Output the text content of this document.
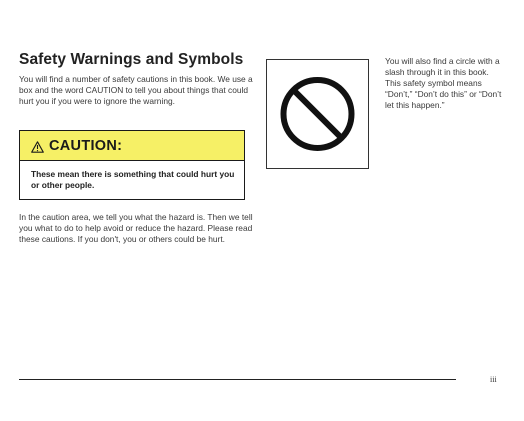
Safety Warnings and Symbols

You will find a number of safety cautions in this book. We use a box and the word CAUTION to tell you about things that could hurt you if you were to ignore the warning.

CAUTION:

These mean there is something that could hurt you or other people.

In the caution area, we tell you what the hazard is. Then we tell you what to do to help avoid or reduce the hazard. Please read these cautions. If you don't, you or others could be hurt.

You will also find a circle with a slash through it in this book. This safety symbol means “Don’t,” “Don’t do this” or “Don’t let this happen.”

iii
